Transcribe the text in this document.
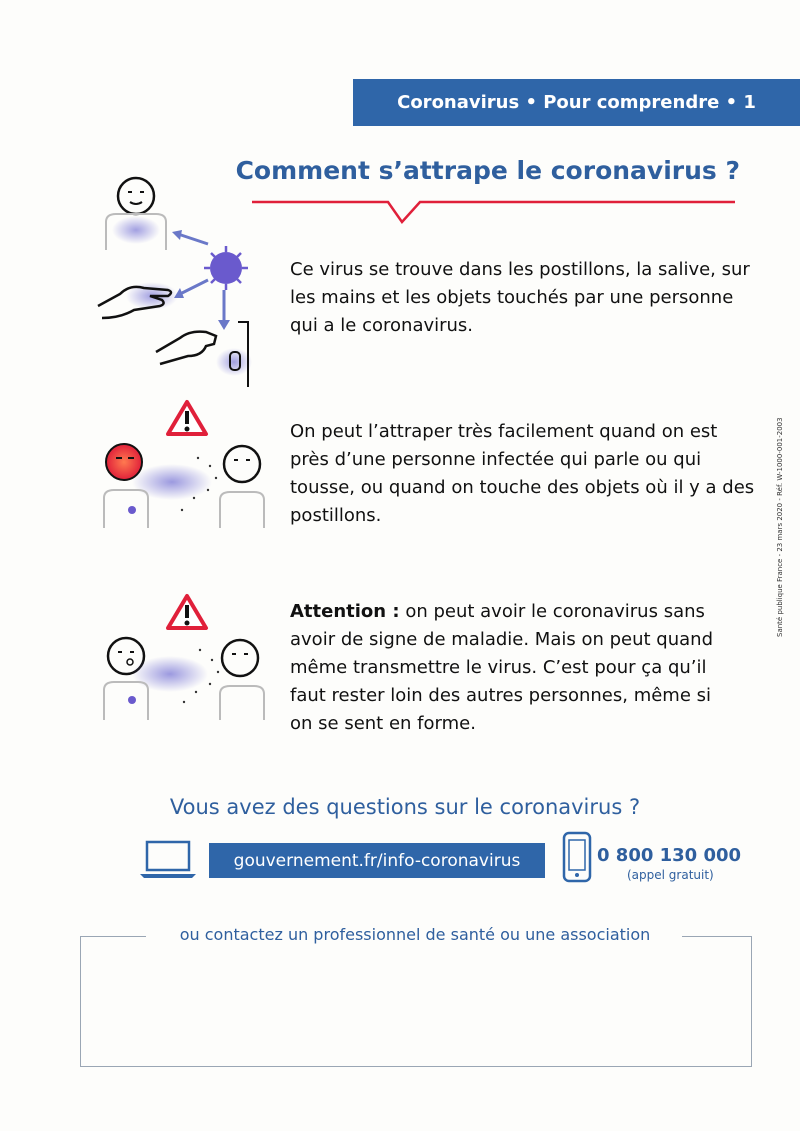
Coronavirus • Pour comprendre • 1
Comment s’attrape le coronavirus ?
Ce virus se trouve dans les postillons, la salive, sur les mains et les objets touchés par une personne qui a le coronavirus.
On peut l’attraper très facilement quand on est près d’une personne infectée qui parle ou qui tousse, ou quand on touche des objets où il y a des postillons.
Attention : on peut avoir le coronavirus sans avoir de signe de maladie. Mais on peut quand même transmettre le virus. C’est pour ça qu’il faut rester loin des autres personnes, même si on se sent en forme.
Santé publique France - 23 mars 2020 - Réf. W-1000-001-2003
Vous avez des questions sur le coronavirus ?
gouvernement.fr/info-coronavirus	0 800 130 000
(appel gratuit)
ou contactez un professionnel de santé ou une association
